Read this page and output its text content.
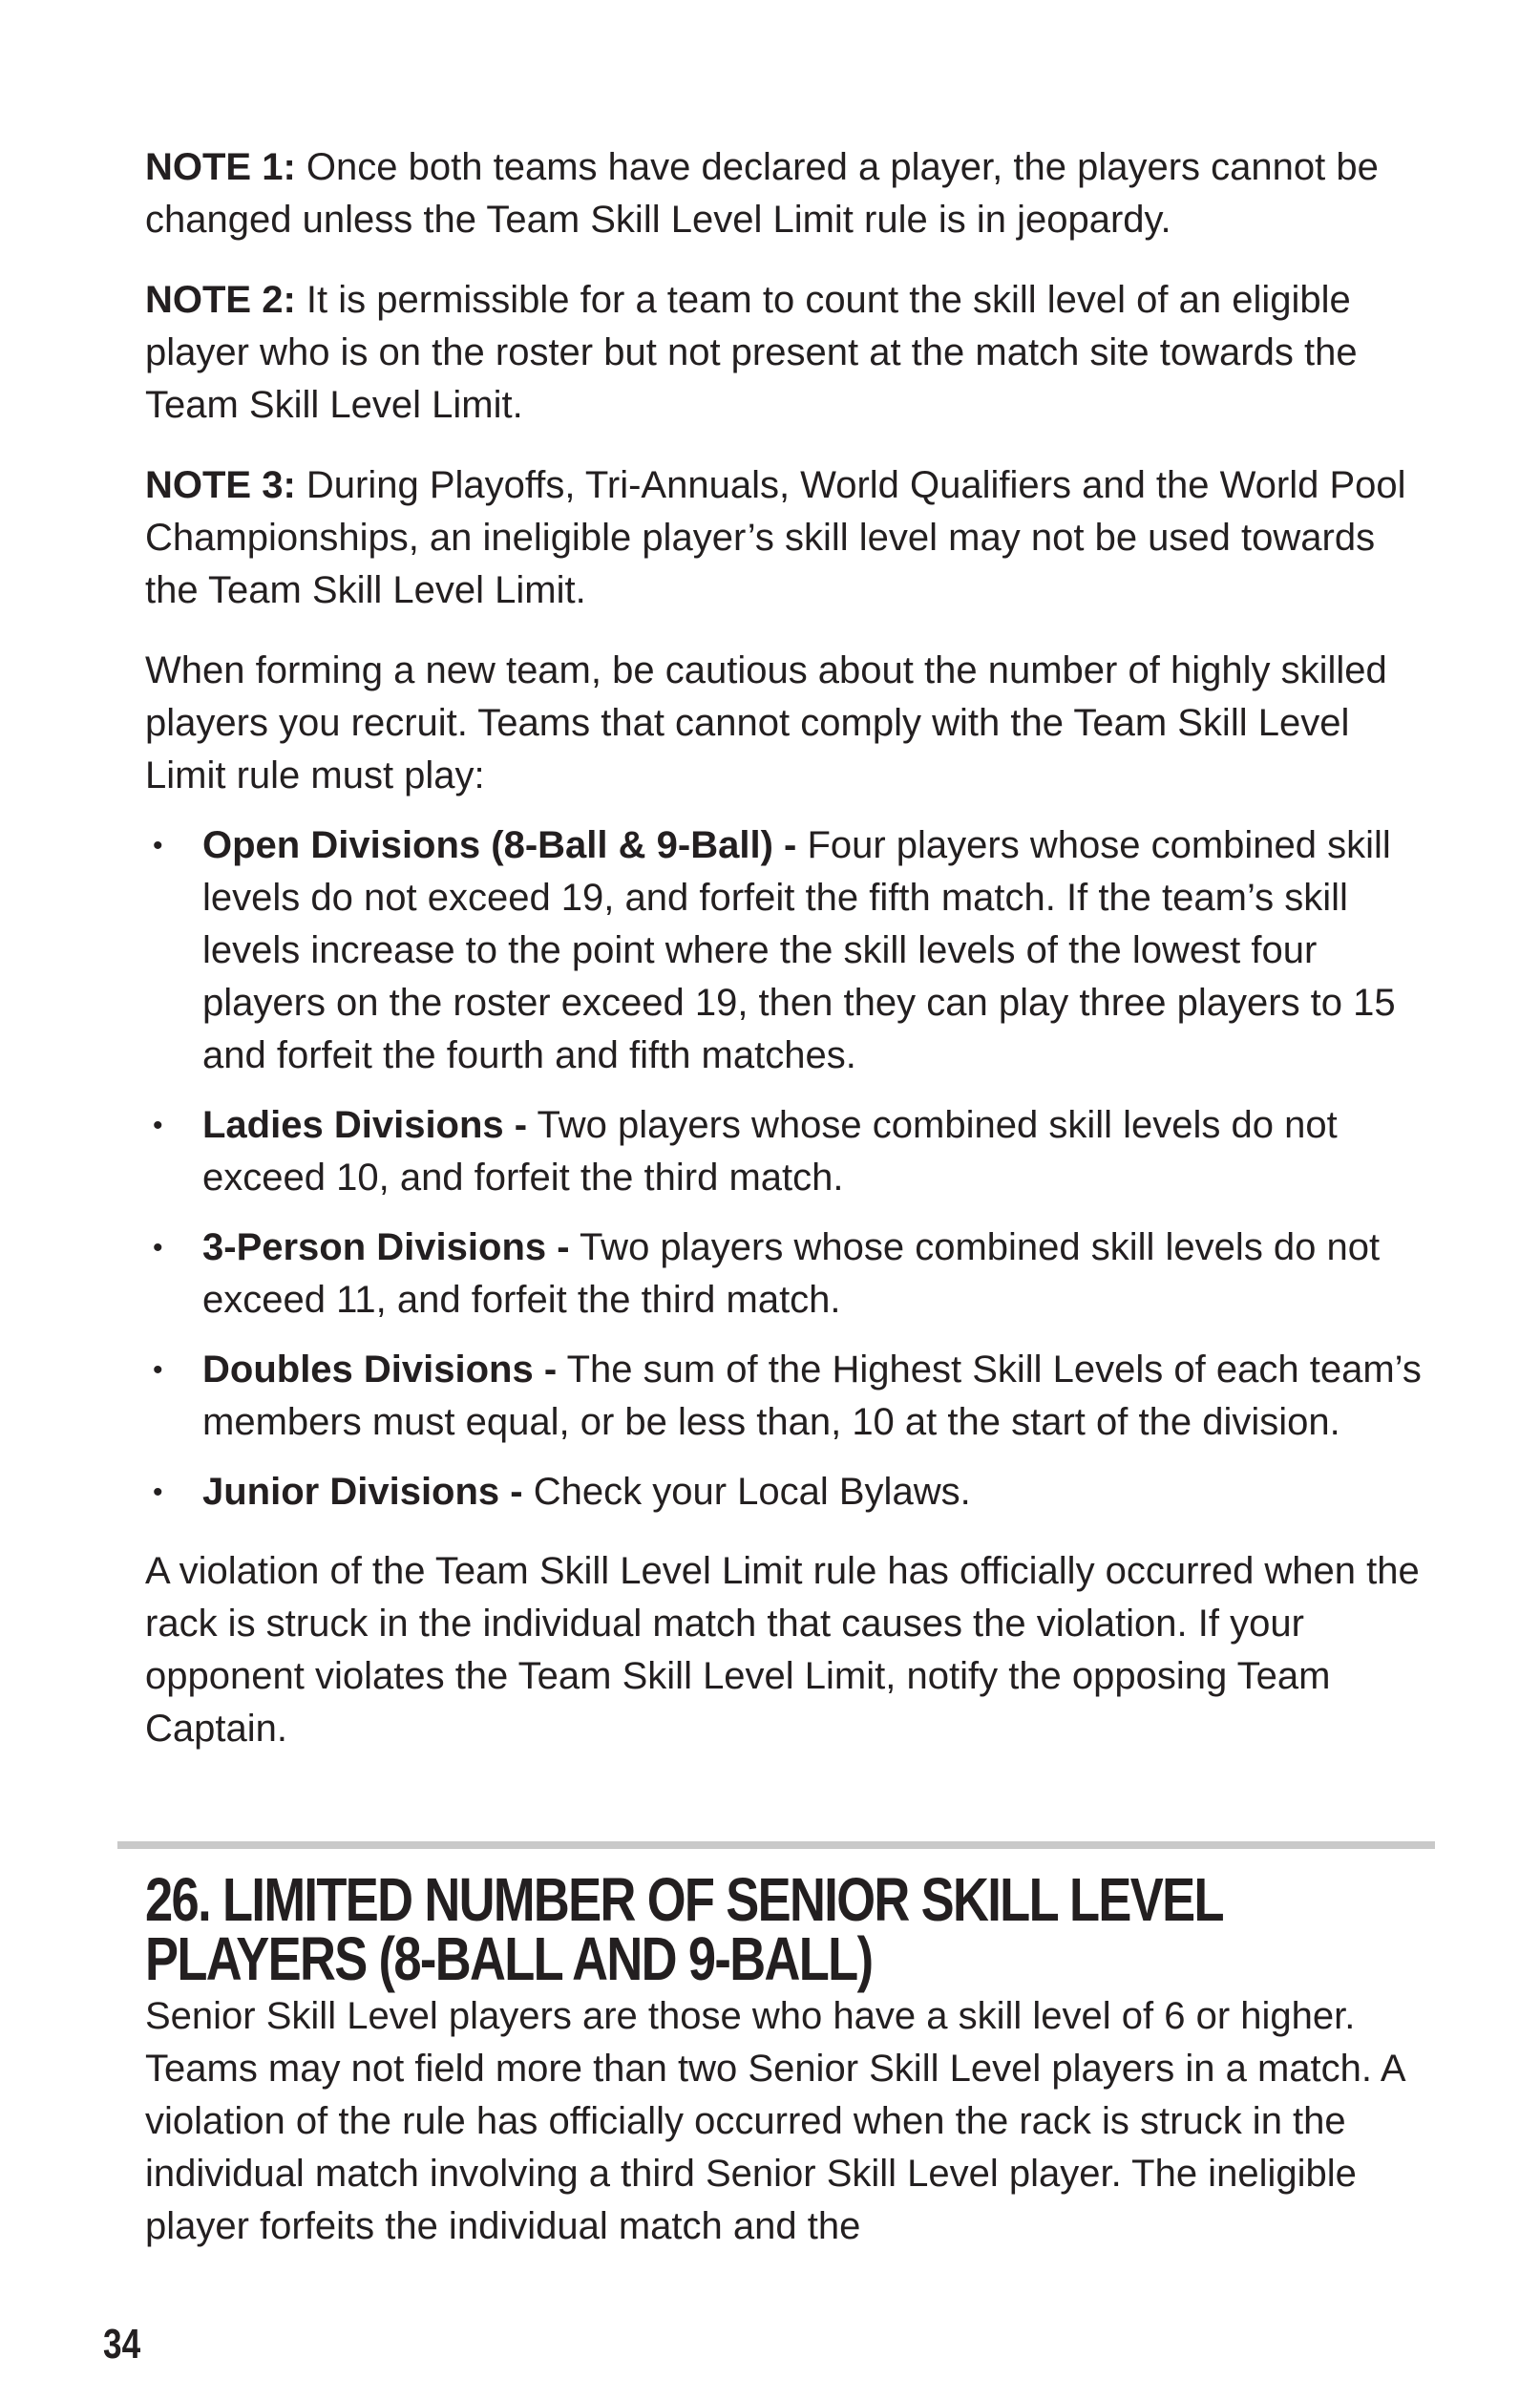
NOTE 1: Once both teams have declared a player, the players cannot be changed unless the Team Skill Level Limit rule is in jeopardy.

NOTE 2: It is permissible for a team to count the skill level of an eligible player who is on the roster but not present at the match site towards the Team Skill Level Limit.

NOTE 3: During Playoffs, Tri-Annuals, World Qualifiers and the World Pool Championships, an ineligible player’s skill level may not be used towards the Team Skill Level Limit.

When forming a new team, be cautious about the number of highly skilled players you recruit. Teams that cannot comply with the Team Skill Level Limit rule must play:

• Open Divisions (8-Ball & 9-Ball) - Four players whose combined skill levels do not exceed 19, and forfeit the fifth match. If the team’s skill levels increase to the point where the skill levels of the lowest four players on the roster exceed 19, then they can play three players to 15 and forfeit the fourth and fifth matches.
• Ladies Divisions - Two players whose combined skill levels do not exceed 10, and forfeit the third match.
• 3-Person Divisions - Two players whose combined skill levels do not exceed 11, and forfeit the third match.
• Doubles Divisions - The sum of the Highest Skill Levels of each team’s members must equal, or be less than, 10 at the start of the division.
• Junior Divisions - Check your Local Bylaws.

A violation of the Team Skill Level Limit rule has officially occurred when the rack is struck in the individual match that causes the violation. If your opponent violates the Team Skill Level Limit, notify the opposing Team Captain.

26. LIMITED NUMBER OF SENIOR SKILL LEVEL PLAYERS (8-BALL AND 9-BALL)

Senior Skill Level players are those who have a skill level of 6 or higher. Teams may not field more than two Senior Skill Level players in a match. A violation of the rule has officially occurred when the rack is struck in the individual match involving a third Senior Skill Level player. The ineligible player forfeits the individual match and the

34
